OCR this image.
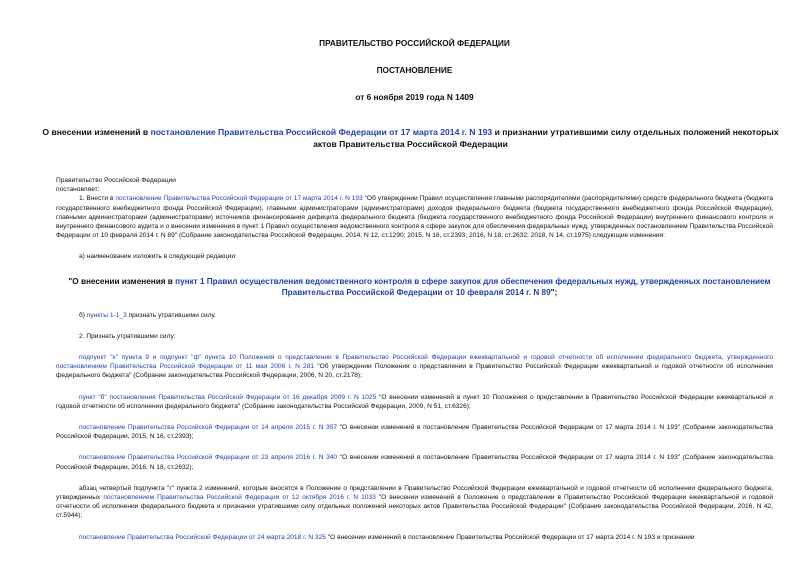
ПРАВИТЕЛЬСТВО РОССИЙСКОЙ ФЕДЕРАЦИИ
ПОСТАНОВЛЕНИЕ
от 6 ноября 2019 года N 1409
О внесении изменений в постановление Правительства Российской Федерации от 17 марта 2014 г. N 193 и признании утратившими силу отдельных положений некоторых актов Правительства Российской Федерации

Правительство Российской Федерации

постановляет:

1. Внести в постановление Правительства Российской Федерации от 17 марта 2014 г. N 193 "Об утверждении Правил осуществления главными распорядителями (распорядителями) средств федерального бюджета (бюджета государственного внебюджетного фонда Российской Федерации), главными администраторами (администраторами) доходов федерального бюджета (бюджета государственного внебюджетного фонда Российской Федерации), главными администраторами (администраторами) источников финансирования дефицита федерального бюджета (бюджета государственного внебюджетного фонда Российской Федерации) внутреннего финансового контроля и внутреннего финансового аудита и о внесении изменения в пункт 1 Правил осуществления ведомственного контроля в сфере закупок для обеспечения федеральных нужд, утвержденных постановлением Правительства Российской Федерации от 10 февраля 2014 г. N 89" (Собрание законодательства Российской Федерации, 2014, N 12, ст.1290; 2015, N 16, ст.2393; 2016, N 18, ст.2632; 2018, N 14, ст.1975) следующие изменения:

а) наименование изложить в следующей редакции:

"О внесении изменения в пункт 1 Правил осуществления ведомственного контроля в сфере закупок для обеспечения федеральных нужд, утвержденных постановлением Правительства Российской Федерации от 10 февраля 2014 г. N 89";

б) пункты 1-1_3 признать утратившими силу.

2. Признать утратившими силу:

подпункт "х" пункта 9 и подпункт "ф" пункта 10 Положения о представлении в Правительство Российской Федерации ежеквартальной и годовой отчетности об исполнении федерального бюджета, утвержденного постановлением Правительства Российской Федерации от 11 мая 2006 г. N 281 "Об утверждении Положения о представлении в Правительство Российской Федерации ежеквартальной и годовой отчетности об исполнении федерального бюджета" (Собрание законодательства Российской Федерации, 2006, N 20, ст.2178);

пункт "б" постановления Правительства Российской Федерации от 16 декабря 2009 г. N 1025 "О внесении изменений в пункт 10 Положения о представлении в Правительство Российской Федерации ежеквартальной и годовой отчетности об исполнении федерального бюджета" (Собрание законодательства Российской Федерации, 2009, N 51, ст.6326);

постановление Правительства Российской Федерации от 14 апреля 2015 г. N 357 "О внесении изменений в постановление Правительства Российской Федерации от 17 марта 2014 г. N 193" (Собрание законодательства Российской Федерации, 2015, N 16, ст.2393);

постановление Правительства Российской Федерации от 23 апреля 2016 г. N 340 "О внесении изменений в постановление Правительства Российской Федерации от 17 марта 2014 г. N 193" (Собрание законодательства Российской Федерации, 2016, N 18, ст.2632);

абзац четвертый подпункта "г" пункта 2 изменений, которые вносятся в Положение о представлении в Правительство Российской Федерации ежеквартальной и годовой отчетности об исполнении федерального бюджета, утвержденных постановлением Правительства Российской Федерации от 12 октября 2016 г. N 1033 "О внесении изменений в Положение о представлении в Правительство Российской Федерации ежеквартальной и годовой отчетности об исполнении федерального бюджета и признании утратившими силу отдельных положений некоторых актов Правительства Российской Федерации" (Собрание законодательства Российской Федерации, 2016, N 42, ст.5944);

постановление Правительства Российской Федерации от 24 марта 2018 г. N 325 "О внесении изменений в постановление Правительства Российской Федерации от 17 марта 2014 г. N 193 и признании
